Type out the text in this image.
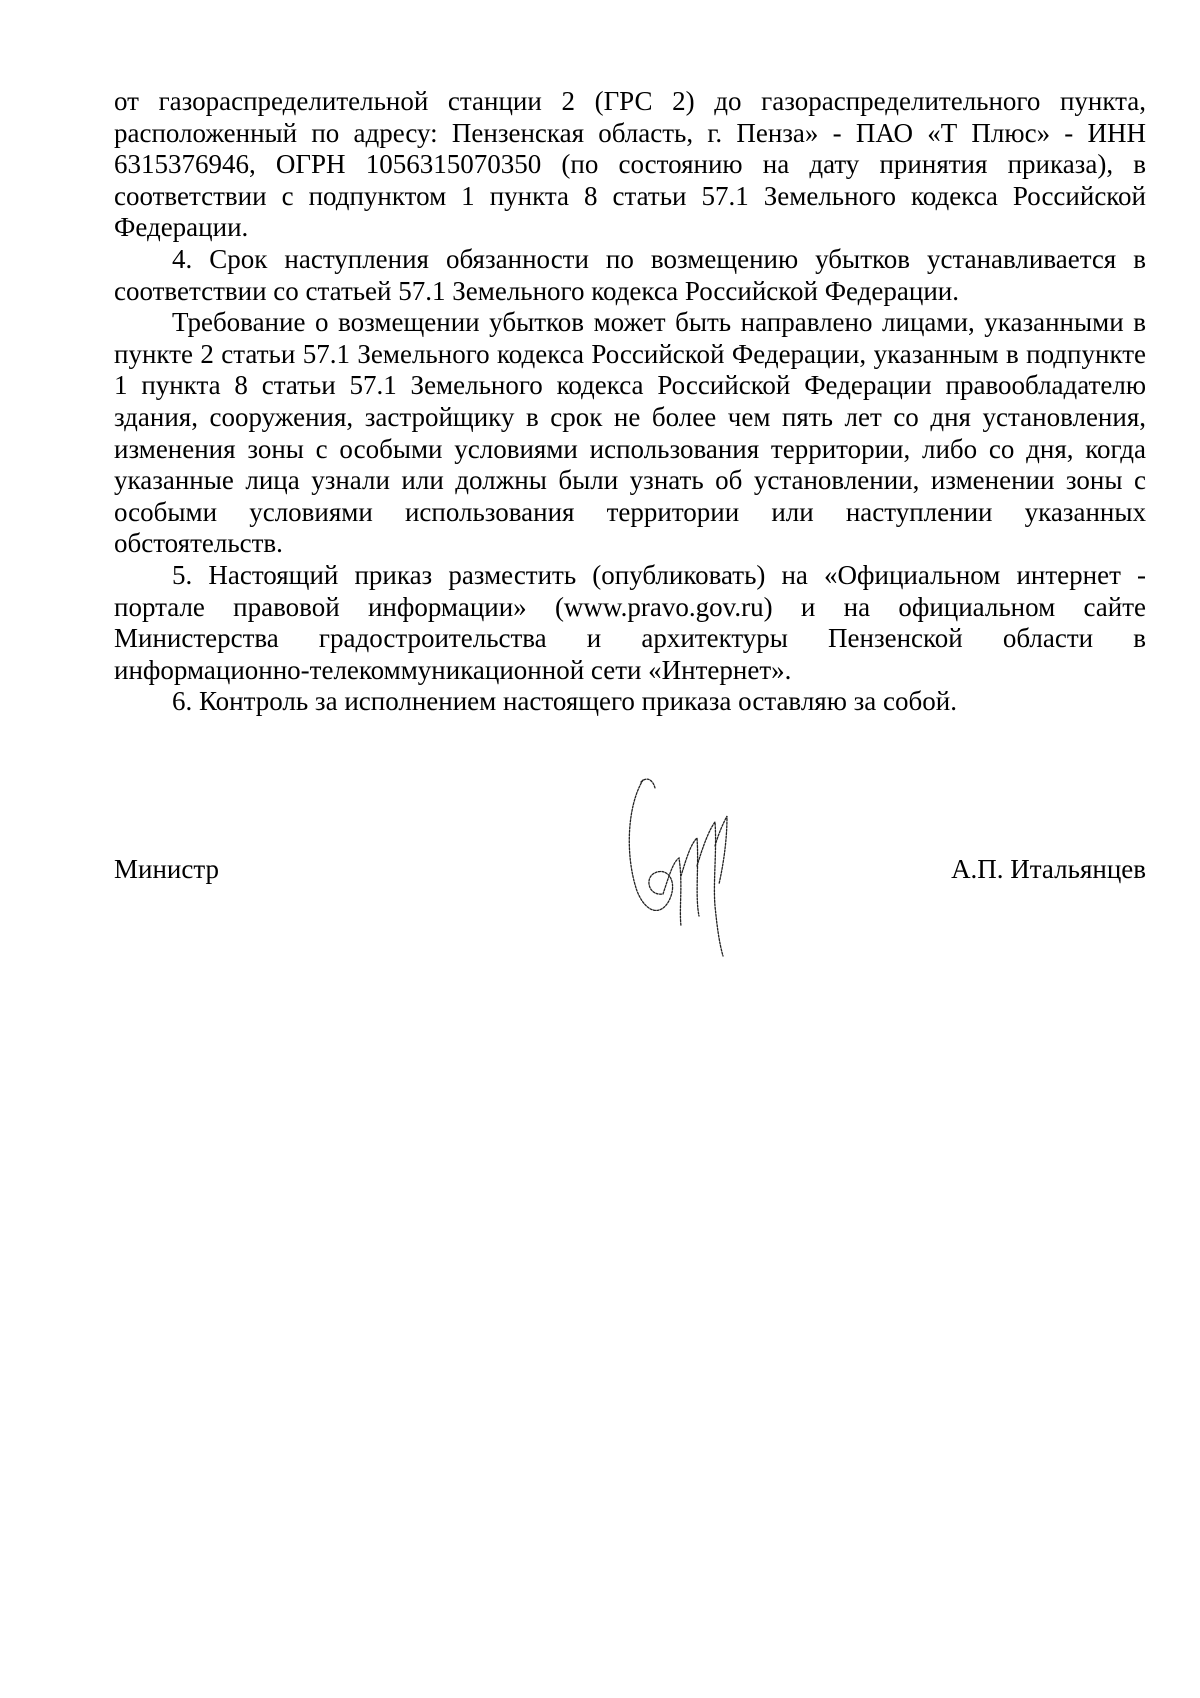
от газораспределительной станции 2 (ГРС 2) до газораспределительного пункта, расположенный по адресу: Пензенская область, г. Пенза» - ПАО «Т Плюс» - ИНН 6315376946, ОГРН 1056315070350 (по состоянию на дату принятия приказа), в соответствии с подпунктом 1 пункта 8 статьи 57.1 Земельного кодекса Российской Федерации.

4. Срок наступления обязанности по возмещению убытков устанавливается в соответствии со статьей 57.1 Земельного кодекса Российской Федерации.

Требование о возмещении убытков может быть направлено лицами, указанными в пункте 2 статьи 57.1 Земельного кодекса Российской Федерации, указанным в подпункте 1 пункта 8 статьи 57.1 Земельного кодекса Российской Федерации правообладателю здания, сооружения, застройщику в срок не более чем пять лет со дня установления, изменения зоны с особыми условиями использования территории, либо со дня, когда указанные лица узнали или должны были узнать об установлении, изменении зоны с особыми условиями использования территории или наступлении указанных обстоятельств.

5. Настоящий приказ разместить (опубликовать) на «Официальном интернет - портале правовой информации» (www.pravo.gov.ru) и на официальном сайте Министерства градостроительства и архитектуры Пензенской области в информационно-телекоммуникационной сети «Интернет».

6. Контроль за исполнением настоящего приказа оставляю за собой.

Министр	А.П. Итальянцев
